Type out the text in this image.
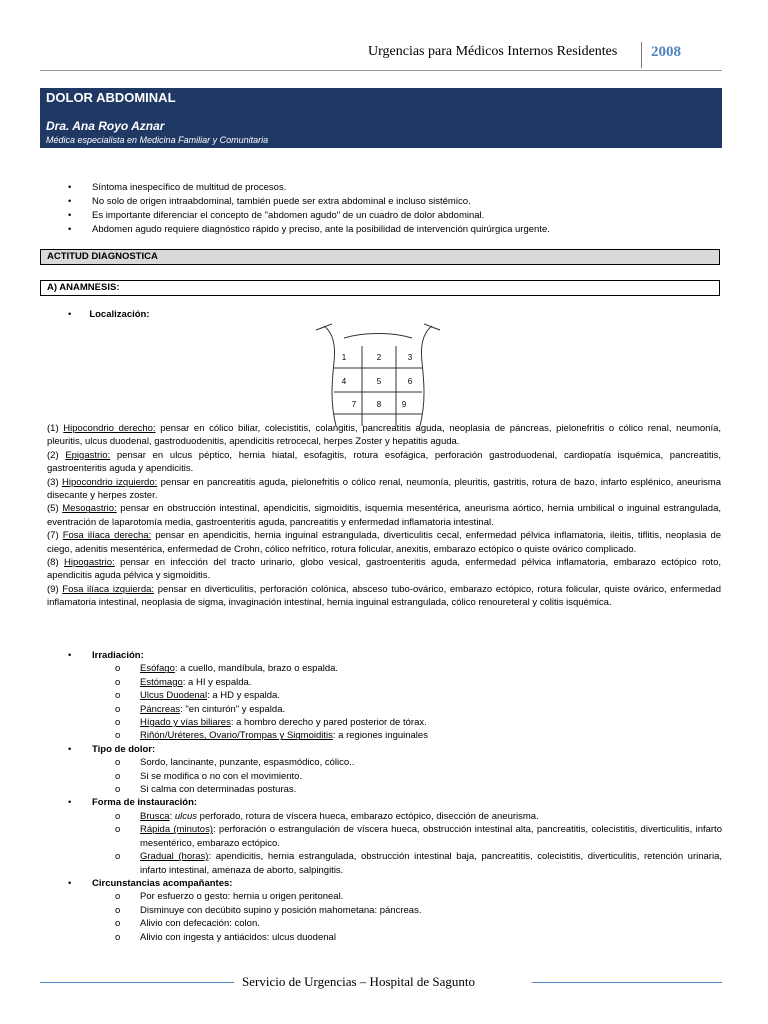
Urgencias para Médicos Internos Residentes 2008
DOLOR ABDOMINAL
Dra. Ana Royo Aznar
Médica especialista en Medicina Familiar y Comunitaria
• Síntoma inespecífico de multitud de procesos.
• No solo de origen intraabdominal, también puede ser extra abdominal e incluso sistémico.
• Es importante diferenciar el concepto de "abdomen agudo" de un cuadro de dolor abdominal.
• Abdomen agudo requiere diagnóstico rápido y preciso, ante la posibilidad de intervención quirúrgica urgente.
ACTITUD DIAGNOSTICA
A) ANAMNESIS:
• Localización:
1	2	3
4	5	6
7	8	9

(1) Hipocondrio derecho: pensar en cólico biliar, colecistitis, colangitis, pancreatitis aguda, neoplasia de páncreas, pielonefritis o cólico renal, neumonía, pleuritis, ulcus duodenal, gastroduodenitis, apendicitis retrocecal, herpes Zoster y hepatitis aguda.

(2) Epigastrio: pensar en ulcus péptico, hernia hiatal, esofagitis, rotura esofágica, perforación gastroduodenal, cardiopatía isquémica, pancreatitis, gastroenteritis aguda y apendicitis.

(3) Hipocondrio izquierdo: pensar en pancreatitis aguda, pielonefritis o cólico renal, neumonía, pleuritis, gastritis, rotura de bazo, infarto esplénico, aneurisma disecante y herpes zoster.

(5) Mesogastrio: pensar en obstrucción intestinal, apendicitis, sigmoiditis, isquemia mesentérica, aneurisma aórtico, hernia umbilical o inguinal estrangulada, eventración de laparotomía media, gastroenteritis aguda, pancreatitis y enfermedad inflamatoria intestinal.

(7) Fosa ilíaca derecha: pensar en apendicitis, hernia inguinal estrangulada, diverticulitis cecal, enfermedad pélvica inflamatoria, ileitis, tiflitis, neoplasia de ciego, adenitis mesentérica, enfermedad de Crohn, cólico nefrítico, rotura folicular, anexitis, embarazo ectópico o quiste ovárico complicado.

(8) Hipogastrio: pensar en infección del tracto urinario, globo vesical, gastroenteritis aguda, enfermedad pélvica inflamatoria, embarazo ectópico roto, apendicitis aguda pélvica y sigmoiditis.

(9) Fosa ilíaca izquierda: pensar en diverticulitis, perforación colónica, absceso tubo-ovárico, embarazo ectópico, rotura folicular, quiste ovárico, enfermedad inflamatoria intestinal, neoplasia de sigma, invaginación intestinal, hernia inguinal estrangulada, cólico renoureteral y colitis isquémica.

• Irradiación:
o Esófago: a cuello, mandíbula, brazo o espalda.
o Estómago: a HI y espalda.
o Ulcus Duodenal: a HD y espalda.
o Páncreas: "en cinturón" y espalda.
o Hígado y vías biliares: a hombro derecho y pared posterior de tórax.
o Riñón/Uréteres, Ovario/Trompas y Sigmoiditis: a regiones inguinales
• Tipo de dolor:
o Sordo, lancinante, punzante, espasmódico, cólico..
o Si se modifica o no con el movimiento.
o Si calma con determinadas posturas.
• Forma de instauración:
o Brusca: ulcus perforado, rotura de víscera hueca, embarazo ectópico, disección de aneurisma.
o Rápida (minutos): perforación o estrangulación de víscera hueca, obstrucción intestinal alta, pancreatitis, colecistitis, diverticulitis, infarto mesentérico, embarazo ectópico.
o Gradual (horas): apendicitis, hernia estrangulada, obstrucción intestinal baja, pancreatitis, colecistitis, diverticulitis, retención urinaria, infarto intestinal, amenaza de aborto, salpingitis.
• Circunstancias acompañantes:
o Por esfuerzo o gesto: hernia u origen peritoneal.
o Disminuye con decúbito supino y posición mahometana: páncreas.
o Alivio con defecación: colon.
o Alivio con ingesta y antiácidos: ulcus duodenal
Servicio de Urgencias – Hospital de Sagunto
